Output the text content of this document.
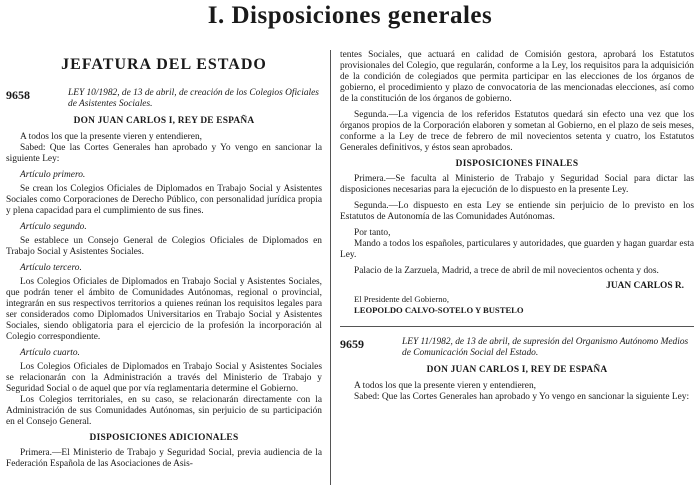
I. Disposiciones generales
JEFATURA DEL ESTADO
9658	LEY 10/1982, de 13 de abril, de creación de los Colegios Oficiales de Asistentes Sociales.
DON JUAN CARLOS I, REY DE ESPAÑA

A todos los que la presente vieren y entendieren,

Sabed: Que las Cortes Generales han aprobado y Yo vengo en sancionar la siguiente Ley:

Artículo primero.

Se crean los Colegios Oficiales de Diplomados en Trabajo Social y Asistentes Sociales como Corporaciones de Derecho Público, con personalidad jurídica propia y plena capacidad para el cumplimiento de sus fines.

Artículo segundo.

Se establece un Consejo General de Colegios Oficiales de Diplomados en Trabajo Social y Asistentes Sociales.

Artículo tercero.

Los Colegios Oficiales de Diplomados en Trabajo Social y Asistentes Sociales, que podrán tener el ámbito de Comunidades Autónomas, regional o provincial, integrarán en sus respectivos territorios a quienes reúnan los requisitos legales para ser considerados como Diplomados Universitarios en Trabajo Social y Asistentes Sociales, siendo obligatoria para el ejercicio de la profesión la incorporación al Colegio correspondiente.

Artículo cuarto.

Los Colegios Oficiales de Diplomados en Trabajo Social y Asistentes Sociales se relacionarán con la Administración a través del Ministerio de Trabajo y Seguridad Social o de aquel que por vía reglamentaria determine el Gobierno.

Los Colegios territoriales, en su caso, se relacionarán directamente con la Administración de sus Comunidades Autónomas, sin perjuicio de su participación en el Consejo General.

DISPOSICIONES ADICIONALES

Primera.—El Ministerio de Trabajo y Seguridad Social, previa audiencia de la Federación Española de las Asociaciones de Asis-

tentes Sociales, que actuará en calidad de Comisión gestora, aprobará los Estatutos provisionales del Colegio, que regularán, conforme a la Ley, los requisitos para la adquisición de la condición de colegiados que permita participar en las elecciones de los órganos de gobierno, el procedimiento y plazo de convocatoria de las mencionadas elecciones, así como de la constitución de los órganos de gobierno.

Segunda.—La vigencia de los referidos Estatutos quedará sin efecto una vez que los órganos propios de la Corporación elaboren y sometan al Gobierno, en el plazo de seis meses, conforme a la Ley de trece de febrero de mil novecientos setenta y cuatro, los Estatutos Generales definitivos, y éstos sean aprobados.

DISPOSICIONES FINALES

Primera.—Se faculta al Ministerio de Trabajo y Seguridad Social para dictar las disposiciones necesarias para la ejecución de lo dispuesto en la presente Ley.

Segunda.—Lo dispuesto en esta Ley se entiende sin perjuicio de lo previsto en los Estatutos de Autonomía de las Comunidades Autónomas.

Por tanto,

Mando a todos los españoles, particulares y autoridades, que guarden y hagan guardar esta Ley.

Palacio de la Zarzuela, Madrid, a trece de abril de mil novecientos ochenta y dos.

JUAN CARLOS R.
El Presidente del Gobierno,
LEOPOLDO CALVO-SOTELO Y BUSTELO
9659	LEY 11/1982, de 13 de abril, de supresión del Organismo Autónomo Medios de Comunicación Social del Estado.
DON JUAN CARLOS I, REY DE ESPAÑA

A todos los que la presente vieren y entendieren,

Sabed: Que las Cortes Generales han aprobado y Yo vengo en sancionar la siguiente Ley:
